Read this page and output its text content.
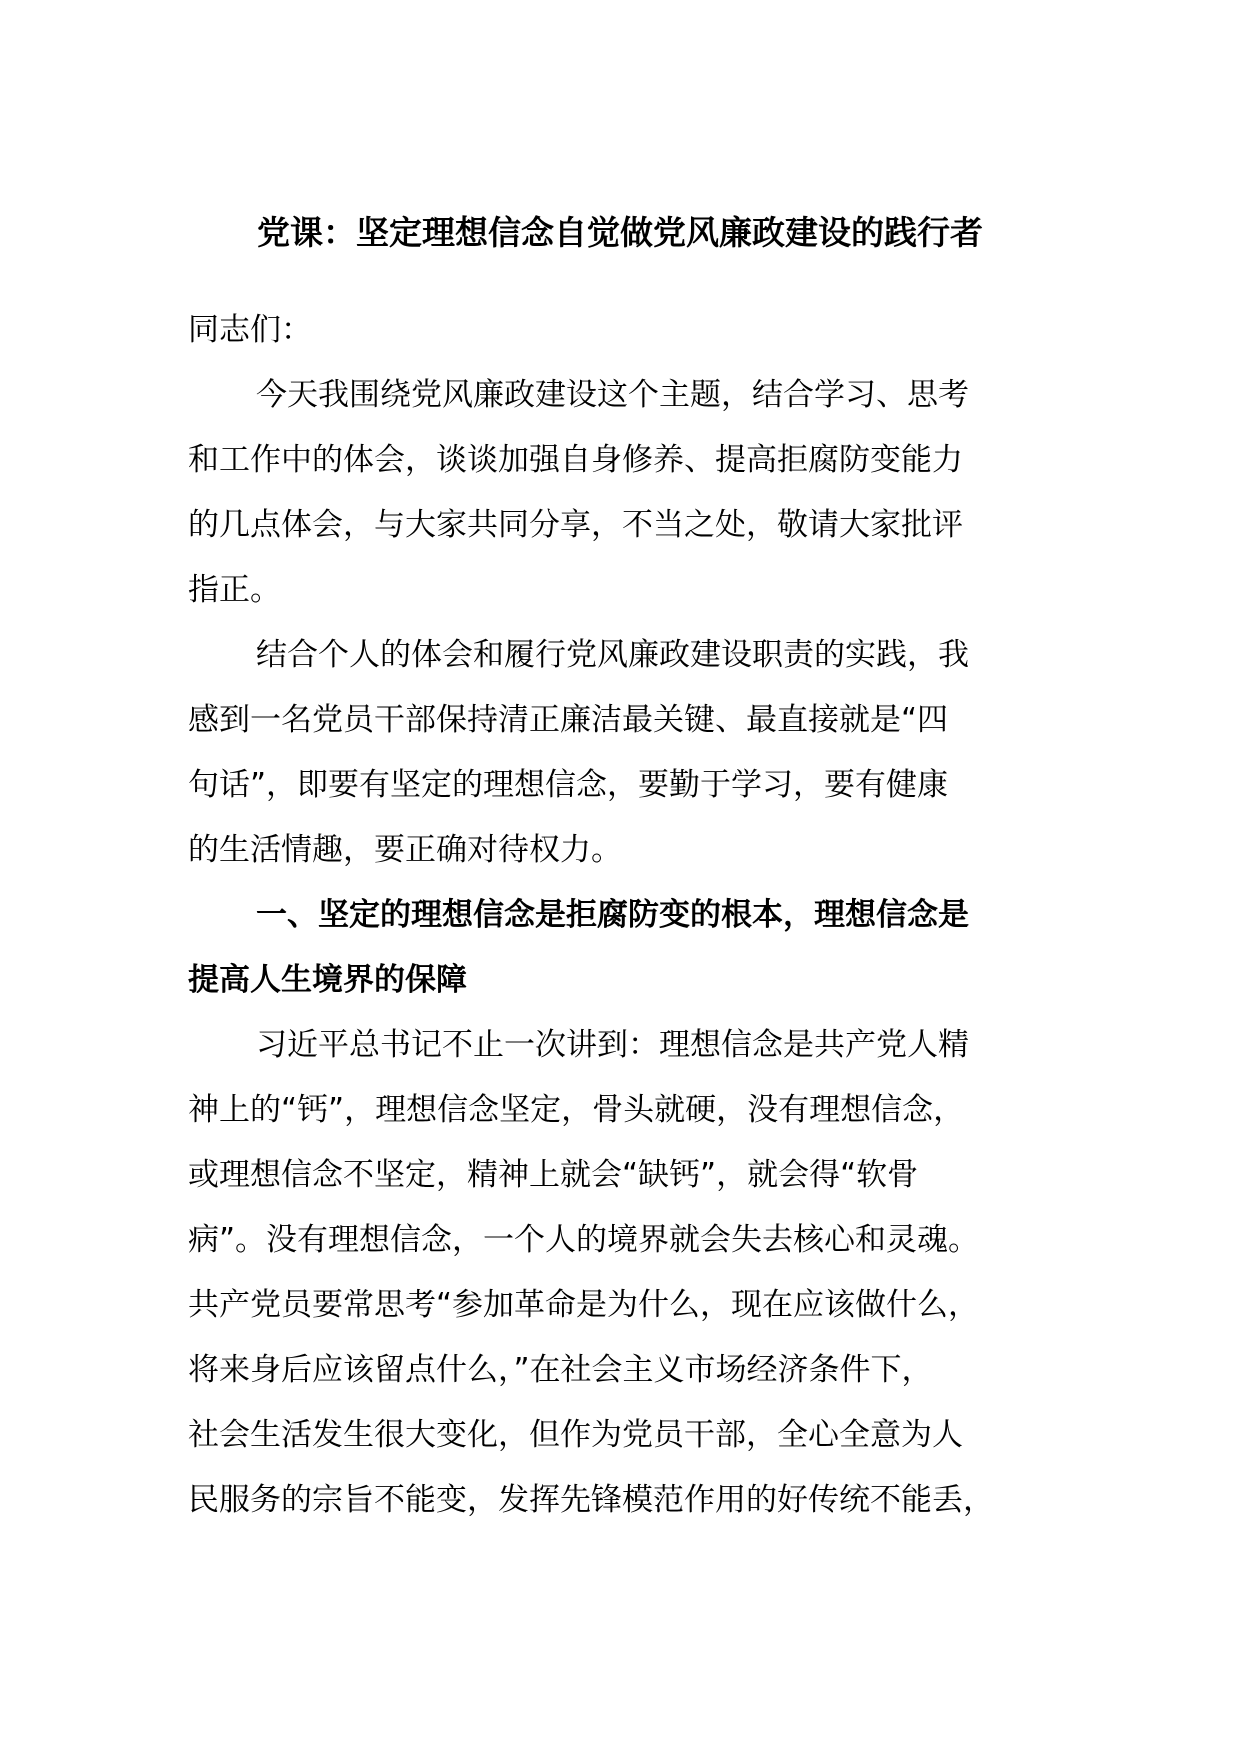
党课：坚定理想信念自觉做党风廉政建设的践行者

同志们：

今天我围绕党风廉政建设这个主题，结合学习、思考
和工作中的体会，谈谈加强自身修养、提高拒腐防变能力
的几点体会，与大家共同分享，不当之处，敬请大家批评
指正。

结合个人的体会和履行党风廉政建设职责的实践，我
感到一名党员干部保持清正廉洁最关键、最直接就是“四
句话”，即要有坚定的理想信念，要勤于学习，要有健康
的生活情趣，要正确对待权力。

一、坚定的理想信念是拒腐防变的根本，理想信念是
提高人生境界的保障

习近平总书记不止一次讲到：理想信念是共产党人精
神上的“钙”，理想信念坚定，骨头就硬，没有理想信念，
或理想信念不坚定，精神上就会“缺钙”，就会得“软骨
病”。没有理想信念，一个人的境界就会失去核心和灵魂。
共产党员要常思考“参加革命是为什么，现在应该做什么，
将来身后应该留点什么，”在社会主义市场经济条件下，
社会生活发生很大变化，但作为党员干部，全心全意为人
民服务的宗旨不能变，发挥先锋模范作用的好传统不能丢，
